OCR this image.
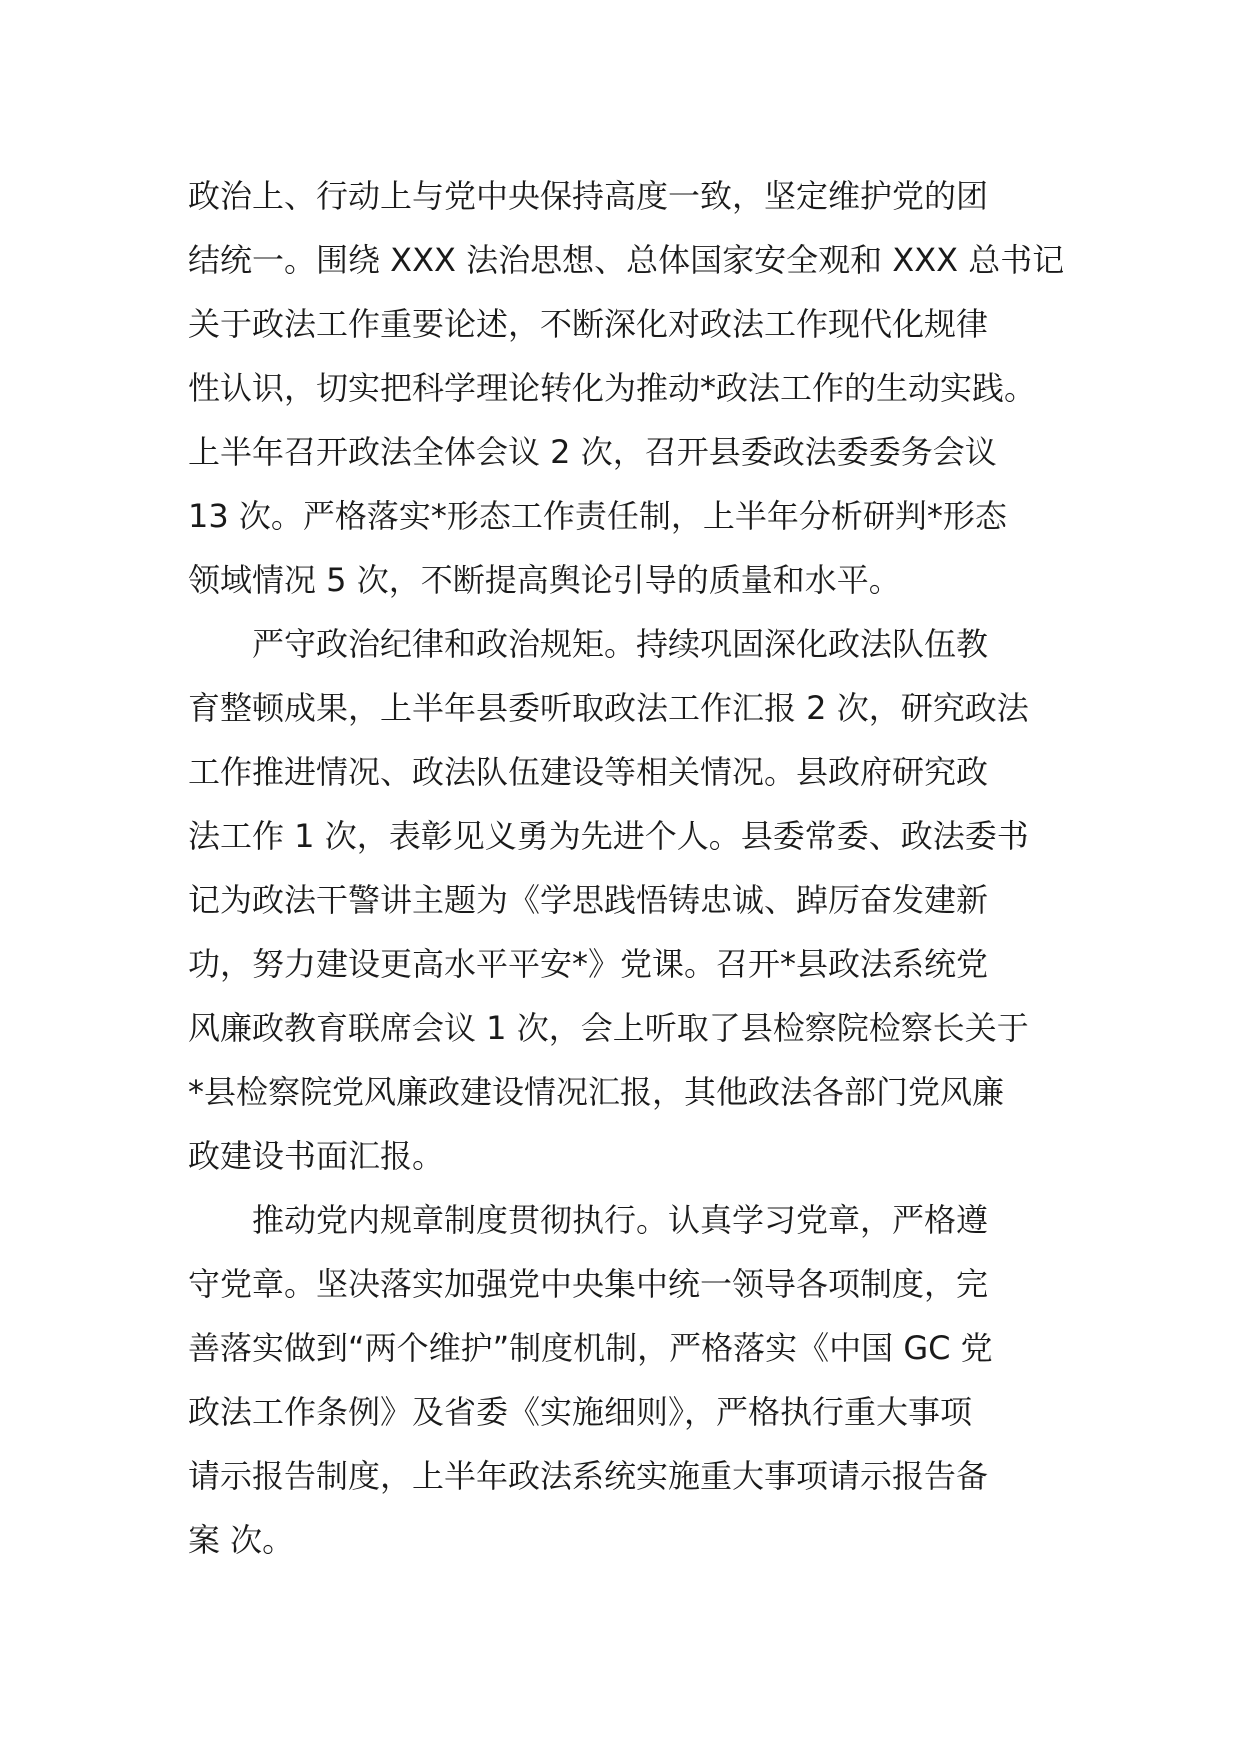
政治上、行动上与党中央保持高度一致，坚定维护党的团
结统一。围绕 XXX 法治思想、总体国家安全观和 XXX 总书记
关于政法工作重要论述，不断深化对政法工作现代化规律
性认识，切实把科学理论转化为推动*政法工作的生动实践。
上半年召开政法全体会议 2 次，召开县委政法委委务会议
13 次。严格落实*形态工作责任制，上半年分析研判*形态
领域情况 5 次，不断提高舆论引导的质量和水平。
严守政治纪律和政治规矩。持续巩固深化政法队伍教
育整顿成果，上半年县委听取政法工作汇报 2 次，研究政法
工作推进情况、政法队伍建设等相关情况。县政府研究政
法工作 1 次，表彰见义勇为先进个人。县委常委、政法委书
记为政法干警讲主题为《学思践悟铸忠诚、踔厉奋发建新
功，努力建设更高水平平安*》党课。召开*县政法系统党
风廉政教育联席会议 1 次，会上听取了县检察院检察长关于
*县检察院党风廉政建设情况汇报，其他政法各部门党风廉
政建设书面汇报。
推动党内规章制度贯彻执行。认真学习党章，严格遵
守党章。坚决落实加强党中央集中统一领导各项制度，完
善落实做到“两个维护”制度机制，严格落实《中国 GC 党
政法工作条例》及省委《实施细则》，严格执行重大事项
请示报告制度，上半年政法系统实施重大事项请示报告备
案 次。
